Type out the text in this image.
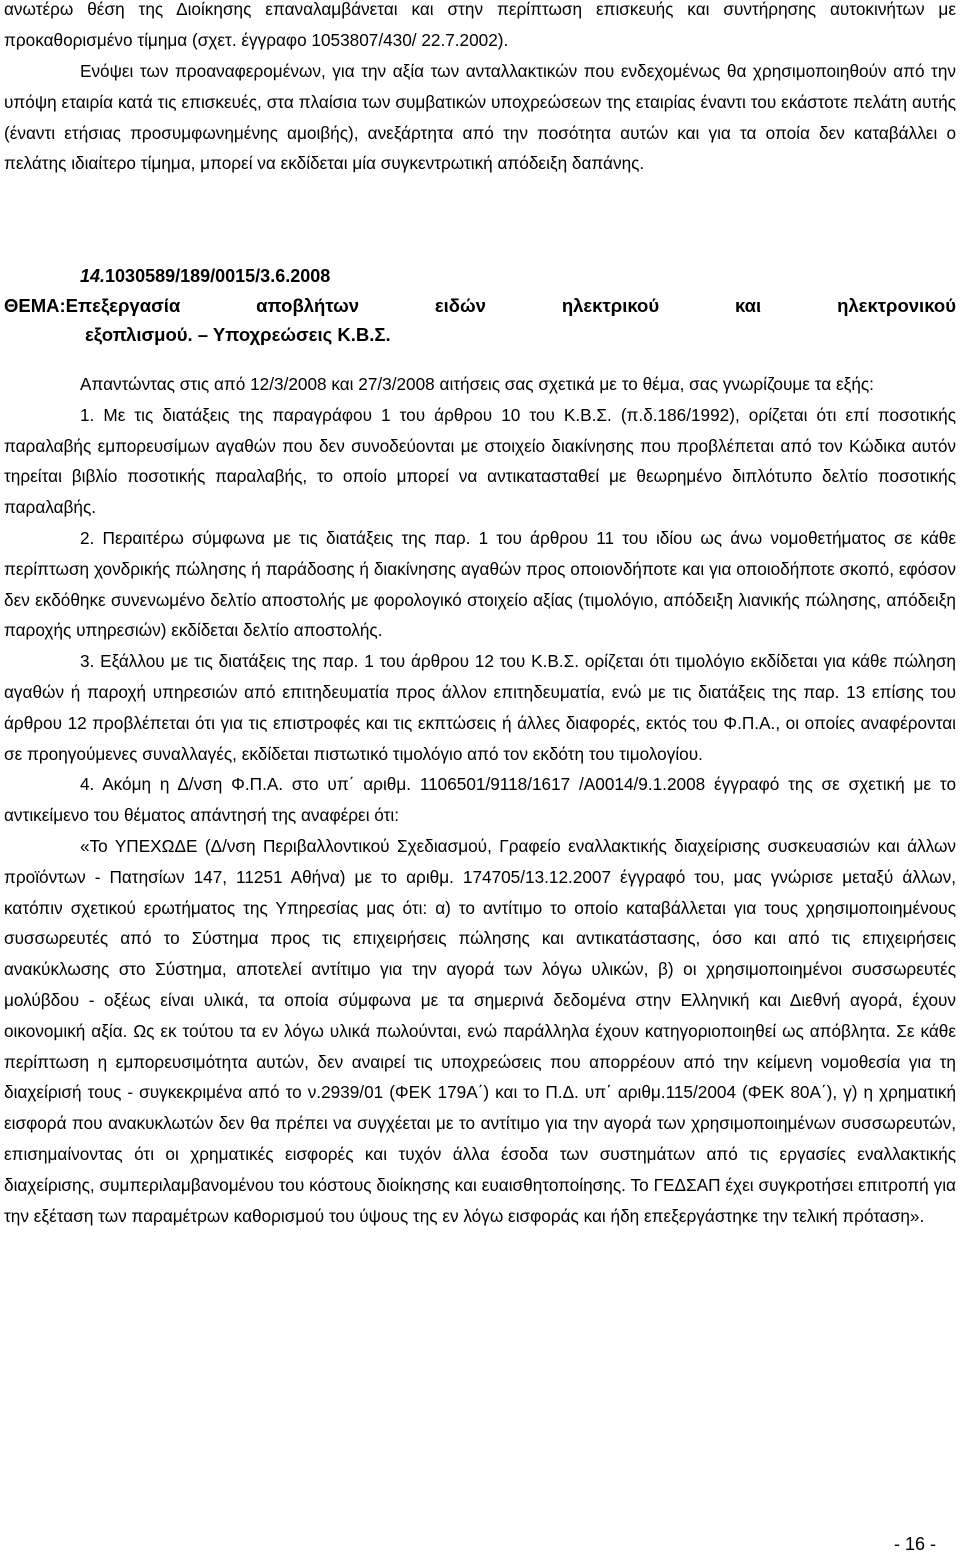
ανωτέρω θέση της Διοίκησης επαναλαμβάνεται και στην περίπτωση επισκευής και συντήρησης αυτοκινήτων με προκαθορισμένο τίμημα (σχετ. έγγραφο 1053807/430/ 22.7.2002).

Ενόψει των προαναφερομένων, για την αξία των ανταλλακτικών που ενδεχομένως θα χρησιμοποιηθούν από την υπόψη εταιρία κατά τις επισκευές, στα πλαίσια των συμβατικών υποχρεώσεων της εταιρίας έναντι του εκάστοτε πελάτη αυτής (έναντι ετήσιας προσυμφωνημένης αμοιβής), ανεξάρτητα από την ποσότητα αυτών και για τα οποία δεν καταβάλλει ο πελάτης ιδιαίτερο τίμημα, μπορεί να εκδίδεται μία συγκεντρωτική απόδειξη δαπάνης.

14.1030589/189/0015/3.6.2008
ΘΕΜΑ:Επεξεργασία	αποβλήτων	ειδών	ηλεκτρικού	και	ηλεκτρονικού
εξοπλισμού. – Υποχρεώσεις Κ.Β.Σ.

Απαντώντας στις από 12/3/2008 και 27/3/2008 αιτήσεις σας σχετικά με το θέμα, σας γνωρίζουμε τα εξής:

1. Με τις διατάξεις της παραγράφου 1 του άρθρου 10 του Κ.Β.Σ. (π.δ.186/1992), ορίζεται ότι επί ποσοτικής παραλαβής εμπορευσίμων αγαθών που δεν συνοδεύονται με στοιχείο διακίνησης που προβλέπεται από τον Κώδικα αυτόν τηρείται βιβλίο ποσοτικής παραλαβής, το οποίο μπορεί να αντικατασταθεί με θεωρημένο διπλότυπο δελτίο ποσοτικής παραλαβής.

2. Περαιτέρω σύμφωνα με τις διατάξεις της παρ. 1 του άρθρου 11 του ιδίου ως άνω νομοθετήματος σε κάθε περίπτωση χονδρικής πώλησης ή παράδοσης ή διακίνησης αγαθών προς οποιονδήποτε και για οποιοδήποτε σκοπό, εφόσον δεν εκδόθηκε συνενωμένο δελτίο αποστολής με φορολογικό στοιχείο αξίας (τιμολόγιο, απόδειξη λιανικής πώλησης, απόδειξη παροχής υπηρεσιών) εκδίδεται δελτίο αποστολής.

3. Εξάλλου με τις διατάξεις της παρ. 1 του άρθρου 12 του Κ.Β.Σ. ορίζεται ότι τιμολόγιο εκδίδεται για κάθε πώληση αγαθών ή παροχή υπηρεσιών από επιτηδευματία προς άλλον επιτηδευματία, ενώ με τις διατάξεις της παρ. 13 επίσης του άρθρου 12 προβλέπεται ότι για τις επιστροφές και τις εκπτώσεις ή άλλες διαφορές, εκτός του Φ.Π.Α., οι οποίες αναφέρονται σε προηγούμενες συναλλαγές, εκδίδεται πιστωτικό τιμολόγιο από τον εκδότη του τιμολογίου.

4. Ακόμη η Δ/νση Φ.Π.Α. στο υπ΄ αριθμ. 1106501/9118/1617 /Α0014/9.1.2008 έγγραφό της σε σχετική με το αντικείμενο του θέματος απάντησή της αναφέρει ότι:

«Το ΥΠΕΧΩΔΕ (Δ/νση Περιβαλλοντικού Σχεδιασμού, Γραφείο εναλλακτικής διαχείρισης συσκευασιών και άλλων προϊόντων - Πατησίων 147, 11251 Αθήνα) με το αριθμ. 174705/13.12.2007 έγγραφό του, μας γνώρισε μεταξύ άλλων, κατόπιν σχετικού ερωτήματος της Υπηρεσίας μας ότι: α) το αντίτιμο το οποίο καταβάλλεται για τους χρησιμοποιημένους συσσωρευτές από το Σύστημα προς τις επιχειρήσεις πώλησης και αντικατάστασης, όσο και από τις επιχειρήσεις ανακύκλωσης στο Σύστημα, αποτελεί αντίτιμο για την αγορά των λόγω υλικών, β) οι χρησιμοποιημένοι συσσωρευτές μολύβδου - οξέως είναι υλικά, τα οποία σύμφωνα με τα σημερινά δεδομένα στην Ελληνική και Διεθνή αγορά, έχουν οικονομική αξία. Ως εκ τούτου τα εν λόγω υλικά πωλούνται, ενώ παράλληλα έχουν κατηγοριοποιηθεί ως απόβλητα. Σε κάθε περίπτωση η εμπορευσιμότητα αυτών, δεν αναιρεί τις υποχρεώσεις που απορρέουν από την κείμενη νομοθεσία για τη διαχείρισή τους - συγκεκριμένα από το ν.2939/01 (ΦΕΚ 179Α΄) και το Π.Δ. υπ΄ αριθμ.115/2004 (ΦΕΚ 80Α΄), γ) η χρηματική εισφορά που ανακυκλωτών δεν θα πρέπει να συγχέεται με το αντίτιμο για την αγορά των χρησιμοποιημένων συσσωρευτών, επισημαίνοντας ότι οι χρηματικές εισφορές και τυχόν άλλα έσοδα των συστημάτων από τις εργασίες εναλλακτικής διαχείρισης, συμπεριλαμβανομένου του κόστους διοίκησης και ευαισθητοποίησης. Το ΓΕΔΣΑΠ έχει συγκροτήσει επιτροπή για την εξέταση των παραμέτρων καθορισμού του ύψους της εν λόγω εισφοράς και ήδη επεξεργάστηκε την τελική πρόταση».

- 16 -
